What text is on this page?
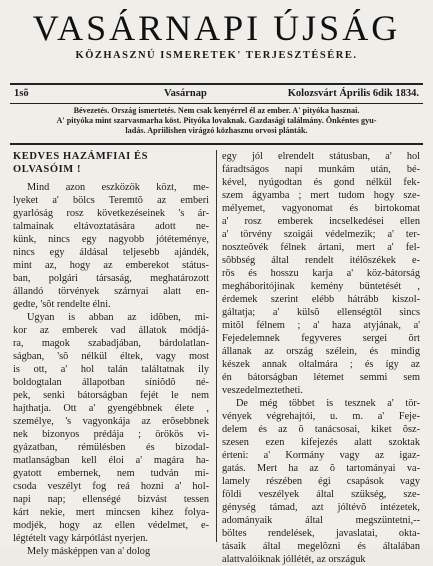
VASÁRNAPI ÚJSÁG
KÖZHASZNÚ ISMERETEK' TERJESZTÉSÉRE.
1sõ	Vasárnap	Kolozsvárt Április 6dik 1834.
Bévezetés. Ország ismertetés. Nem csak kenyérrel él az ember. A' pityóka hasznai.
A' pityóka mint szarvasmarha köst. Pityóka lovaknak. Gazdasági találmány. Önkéntes gyu-
ladás. Apriilishen virágzó közhasznu orvosi plánták.
KEDVES HAZÁMFIAI ÉS OLVASÓIM !
Mind azon eszközök közt, me-
lyeket a' bölcs Teremtõ az emberi
gyarlóság rosz következéseinek 's ár-
talmainak eltávoztatására adott ne-
künk, nincs egy nagyobb jótéteménye,
nincs egy áldásal teljesebb ajándék,
mint az, hogy az emberekot státus-
ban, polgári társaság, meghatározott
állandó törvények szárnyai alatt en-
gedte, 'sõt rendelte élni.
Ugyan is abban az idõben, mi-
kor az emberek vad állatok módjá-
ra, magok szabadjában, bárdolatlan-
ságban, 'sõ nélkül éltek, vagy most
is ott, a' hol talán találtatnak ily
boldogtalan állapotban síniõdõ né-
pek, senki bátorságban fejét le nem
hajthatja. Ott a' gyengébbnek élete ,
személye, 's vagyonkája az erõsebbnek
nek bizonyos prédája ; örökös vi-
gyázatban, rémülésben és bizodal-
matlanságban kell éloi a' magára ha-
gyatott embernek, nem tudván mi-
csoda veszélyt fog reá hozni a' hol-
napi nap; ellenségé bizvást tessen
kárt nekie, mert mincsen kihez folya-
modjék, hogy az ellen védelmet, e-
légtételt vagy kárpótlást nyerjen.
Mely másképpen van a' dolog
egy jól elrendelt státusban, a' hol
fáradtságos napi munkám után, bé-
kével, nyúgodtan és gond nélkül fek-
szem ágyamba ; mert tudom hogy sze-
mélyemet, vagyonomat és birtokomat
a' rosz emberek incselkedései ellen
a' törvény szoigái védelmezik; a' ter-
noszteõvék félnek ártani, mert a' fel-
sõbbség által rendelt itélõszékek e-
rõs és hosszu karja a' köz-bátorság
megháboritójinak kemény büntetését ,
érdemek szerint elébb hátrább kiszol-
gáltatja; a' külsõ ellenségtöl sincs
mitõl félnem ; a' haza atyjának, a'
Fejedelemnek fegyveres sergei õrt
állanak az ország szélein, és mindig
készek annak oltalmára ; és így az
én bátorságban létemet semmi sem
veszedelmeztetheti.
De még többet is tesznek a' tör-
vények végrehajtói, u. m. a' Feje-
delem és az õ tanácsosai, kiket õsz-
szesen ezen kifejezés alatt szoktak
érteni: a' Kormány vagy az igaz-
gatás. Mert ha az õ tartományai va-
lamely részében égi csapások vagy
földi veszélyek által szükség, sze-
génység támad, azt jóltévõ intézetek,
adományaik által megszüntetni,--
böltes rendelések, javaslatai, okta-
tásaik által megelõzni és általában
alattvalóiknak jóllétét, az országuk
